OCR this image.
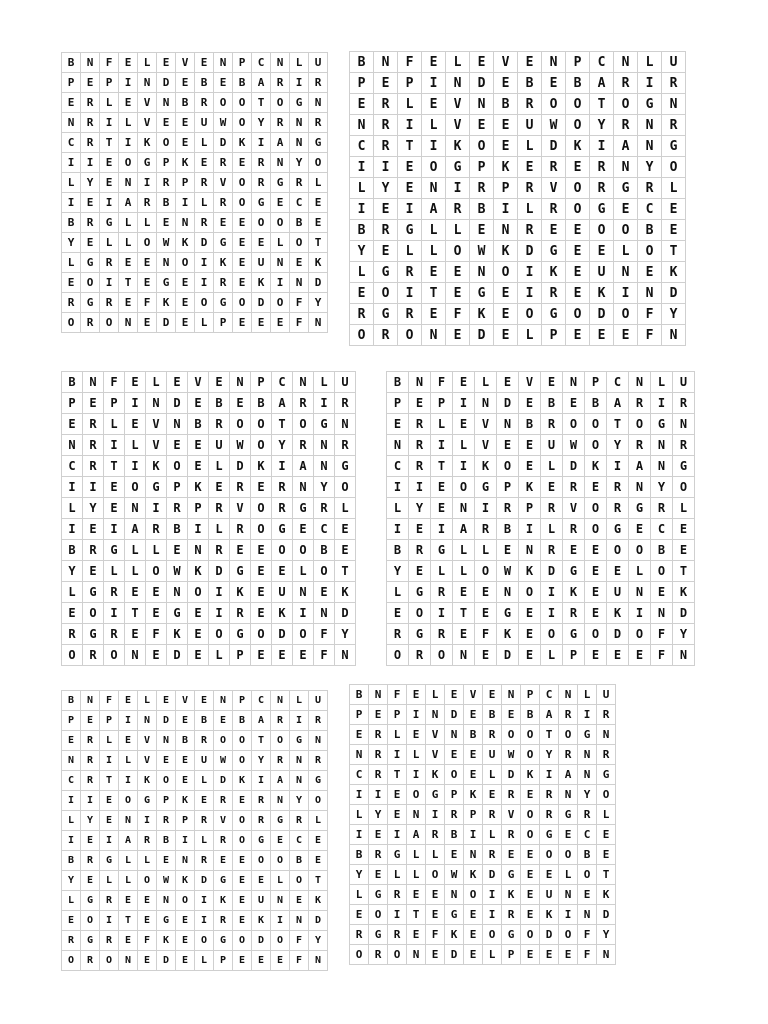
B	N	F	E	L	E	V	E	N	P	C	N	L	U
P	E	P	I	N	D	E	B	E	B	A	R	I	R
E	R	L	E	V	N	B	R	O	O	T	O	G	N
N	R	I	L	V	E	E	U	W	O	Y	R	N	R
C	R	T	I	K	O	E	L	D	K	I	A	N	G
I	I	E	O	G	P	K	E	R	E	R	N	Y	O
L	Y	E	N	I	R	P	R	V	O	R	G	R	L
I	E	I	A	R	B	I	L	R	O	G	E	C	E
B	R	G	L	L	E	N	R	E	E	O	O	B	E
Y	E	L	L	O	W	K	D	G	E	E	L	O	T
L	G	R	E	E	N	O	I	K	E	U	N	E	K
E	O	I	T	E	G	E	I	R	E	K	I	N	D
R	G	R	E	F	K	E	O	G	O	D	O	F	Y
O	R	O	N	E	D	E	L	P	E	E	E	F	N
B	N	F	E	L	E	V	E	N	P	C	N	L	U
P	E	P	I	N	D	E	B	E	B	A	R	I	R
E	R	L	E	V	N	B	R	O	O	T	O	G	N
N	R	I	L	V	E	E	U	W	O	Y	R	N	R
C	R	T	I	K	O	E	L	D	K	I	A	N	G
I	I	E	O	G	P	K	E	R	E	R	N	Y	O
L	Y	E	N	I	R	P	R	V	O	R	G	R	L
I	E	I	A	R	B	I	L	R	O	G	E	C	E
B	R	G	L	L	E	N	R	E	E	O	O	B	E
Y	E	L	L	O	W	K	D	G	E	E	L	O	T
L	G	R	E	E	N	O	I	K	E	U	N	E	K
E	O	I	T	E	G	E	I	R	E	K	I	N	D
R	G	R	E	F	K	E	O	G	O	D	O	F	Y
O	R	O	N	E	D	E	L	P	E	E	E	F	N
B	N	F	E	L	E	V	E	N	P	C	N	L	U
P	E	P	I	N	D	E	B	E	B	A	R	I	R
E	R	L	E	V	N	B	R	O	O	T	O	G	N
N	R	I	L	V	E	E	U	W	O	Y	R	N	R
C	R	T	I	K	O	E	L	D	K	I	A	N	G
I	I	E	O	G	P	K	E	R	E	R	N	Y	O
L	Y	E	N	I	R	P	R	V	O	R	G	R	L
I	E	I	A	R	B	I	L	R	O	G	E	C	E
B	R	G	L	L	E	N	R	E	E	O	O	B	E
Y	E	L	L	O	W	K	D	G	E	E	L	O	T
L	G	R	E	E	N	O	I	K	E	U	N	E	K
E	O	I	T	E	G	E	I	R	E	K	I	N	D
R	G	R	E	F	K	E	O	G	O	D	O	F	Y
O	R	O	N	E	D	E	L	P	E	E	E	F	N
B	N	F	E	L	E	V	E	N	P	C	N	L	U
P	E	P	I	N	D	E	B	E	B	A	R	I	R
E	R	L	E	V	N	B	R	O	O	T	O	G	N
N	R	I	L	V	E	E	U	W	O	Y	R	N	R
C	R	T	I	K	O	E	L	D	K	I	A	N	G
I	I	E	O	G	P	K	E	R	E	R	N	Y	O
L	Y	E	N	I	R	P	R	V	O	R	G	R	L
I	E	I	A	R	B	I	L	R	O	G	E	C	E
B	R	G	L	L	E	N	R	E	E	O	O	B	E
Y	E	L	L	O	W	K	D	G	E	E	L	O	T
L	G	R	E	E	N	O	I	K	E	U	N	E	K
E	O	I	T	E	G	E	I	R	E	K	I	N	D
R	G	R	E	F	K	E	O	G	O	D	O	F	Y
O	R	O	N	E	D	E	L	P	E	E	E	F	N
B	N	F	E	L	E	V	E	N	P	C	N	L	U
P	E	P	I	N	D	E	B	E	B	A	R	I	R
E	R	L	E	V	N	B	R	O	O	T	O	G	N
N	R	I	L	V	E	E	U	W	O	Y	R	N	R
C	R	T	I	K	O	E	L	D	K	I	A	N	G
I	I	E	O	G	P	K	E	R	E	R	N	Y	O
L	Y	E	N	I	R	P	R	V	O	R	G	R	L
I	E	I	A	R	B	I	L	R	O	G	E	C	E
B	R	G	L	L	E	N	R	E	E	O	O	B	E
Y	E	L	L	O	W	K	D	G	E	E	L	O	T
L	G	R	E	E	N	O	I	K	E	U	N	E	K
E	O	I	T	E	G	E	I	R	E	K	I	N	D
R	G	R	E	F	K	E	O	G	O	D	O	F	Y
O	R	O	N	E	D	E	L	P	E	E	E	F	N
B	N	F	E	L	E	V	E	N	P	C	N	L	U
P	E	P	I	N	D	E	B	E	B	A	R	I	R
E	R	L	E	V	N	B	R	O	O	T	O	G	N
N	R	I	L	V	E	E	U	W	O	Y	R	N	R
C	R	T	I	K	O	E	L	D	K	I	A	N	G
I	I	E	O	G	P	K	E	R	E	R	N	Y	O
L	Y	E	N	I	R	P	R	V	O	R	G	R	L
I	E	I	A	R	B	I	L	R	O	G	E	C	E
B	R	G	L	L	E	N	R	E	E	O	O	B	E
Y	E	L	L	O	W	K	D	G	E	E	L	O	T
L	G	R	E	E	N	O	I	K	E	U	N	E	K
E	O	I	T	E	G	E	I	R	E	K	I	N	D
R	G	R	E	F	K	E	O	G	O	D	O	F	Y
O	R	O	N	E	D	E	L	P	E	E	E	F	N
